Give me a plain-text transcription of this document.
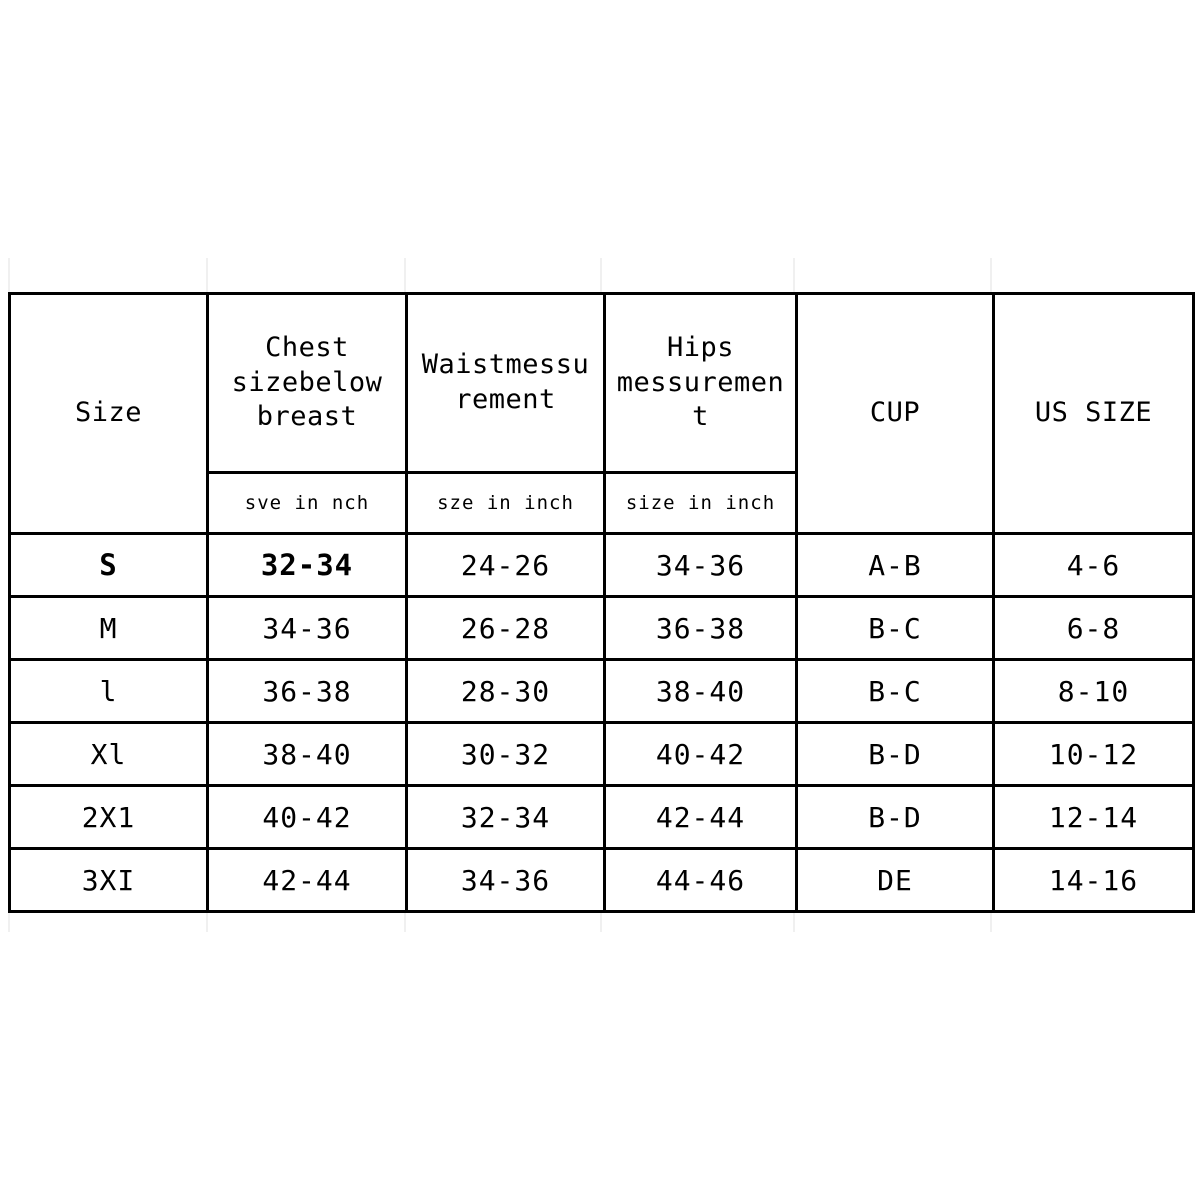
Size	Chest sizebelow breast	Waistmessurement	Hips messurement	CUP	US SIZE

	sve in nch	sze in inch	size in inch		
S	32-34	24-26	34-36	A-B	4-6
M	34-36	26-28	36-38	B-C	6-8
l	36-38	28-30	38-40	B-C	8-10
Xl	38-40	30-32	40-42	B-D	10-12
2X1	40-42	32-34	42-44	B-D	12-14
3XI	42-44	34-36	44-46	DE	14-16
